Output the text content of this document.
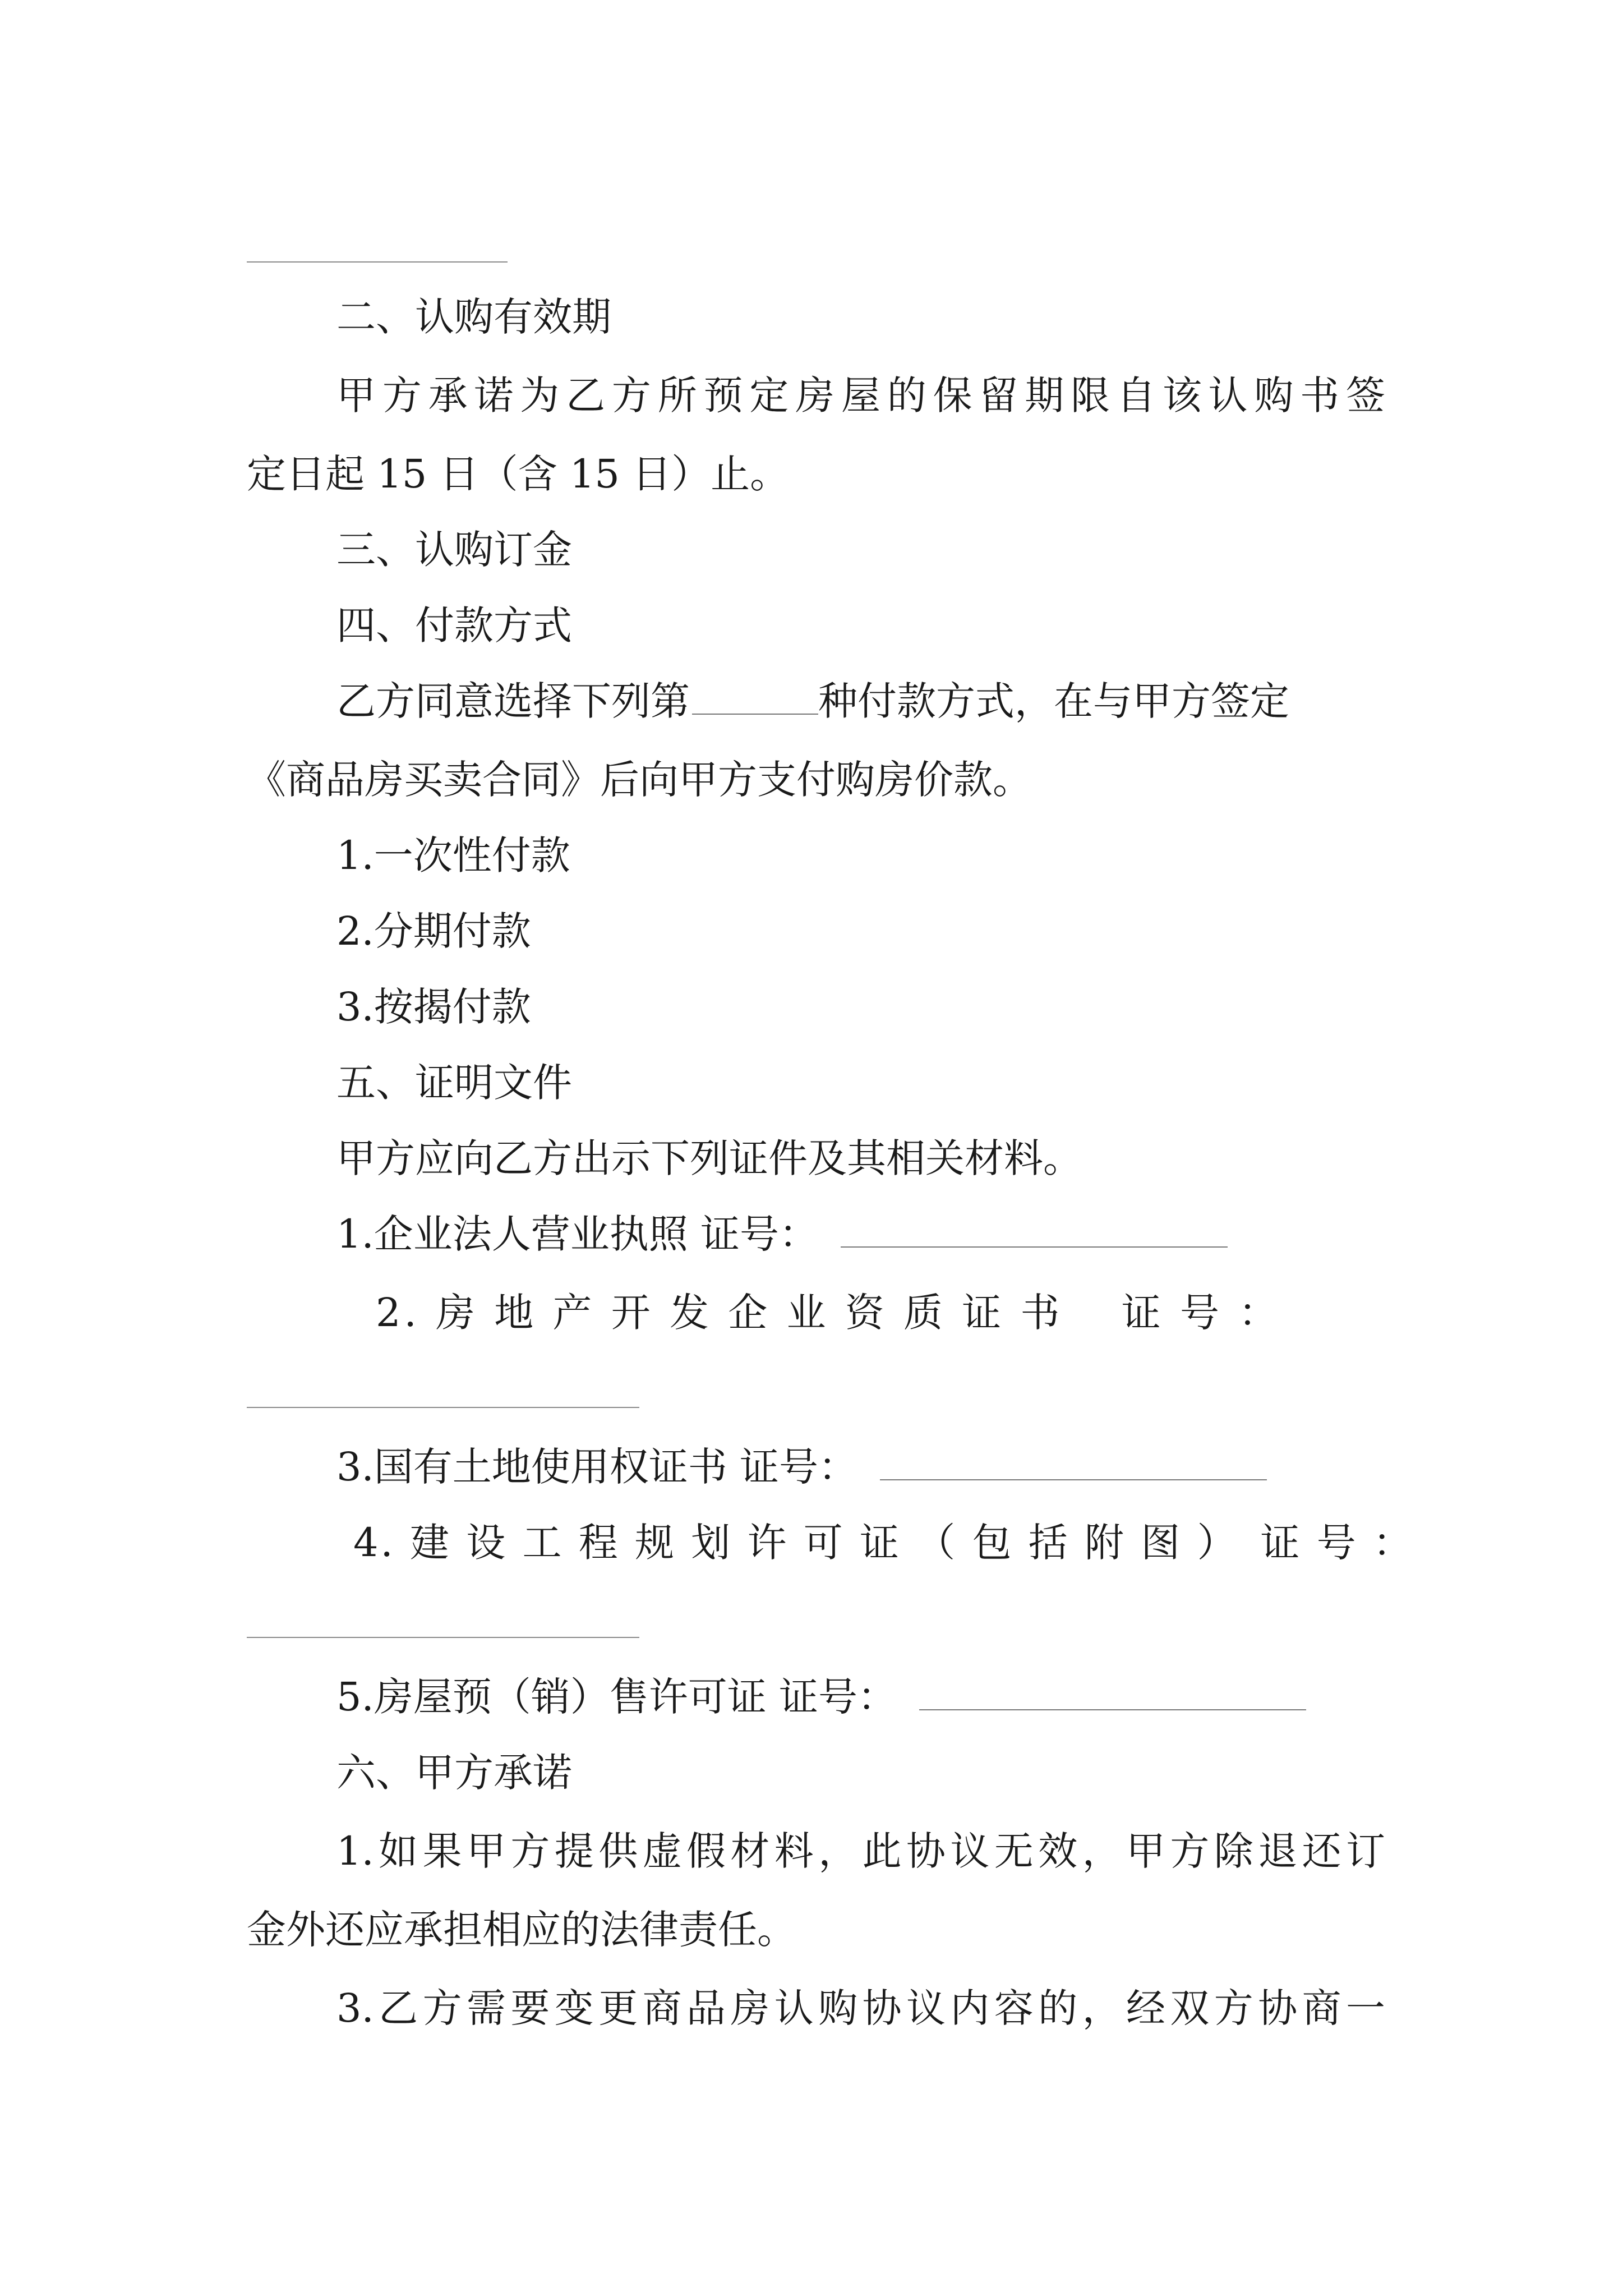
二、认购有效期
甲方承诺为乙方所预定房屋的保留期限自该认购书签
定日起 15 日（含 15 日）止。
三、认购订金
四、付款方式
乙方同意选择下列第	种付款方式，在与甲方签定
《商品房买卖合同》后向甲方支付购房价款。
1.一次性付款
2.分期付款
3.按揭付款
五、证明文件
甲方应向乙方出示下列证件及其相关材料。
1.企业法人营业执照 证号：
2. 房 地 产 开 发 企 业 资 质 证 书　 证 号 ：
3.国有土地使用权证书 证号：
4. 建 设 工 程 规 划 许 可 证 （ 包 括 附 图 ）　证 号 ：
5.房屋预（销）售许可证 证号：
六、甲方承诺
1.如果甲方提供虚假材料，此协议无效，甲方除退还订
金外还应承担相应的法律责任。
3.乙方需要变更商品房认购协议内容的，经双方协商一
